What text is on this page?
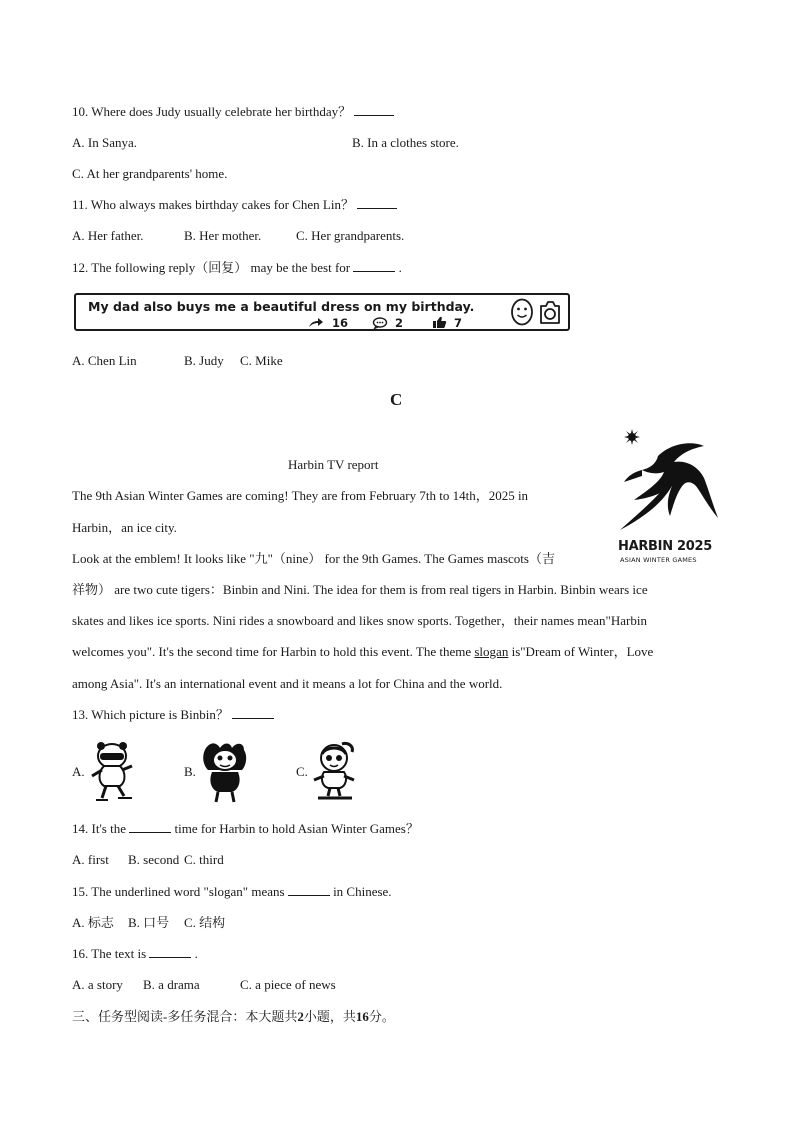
10. Where does Judy usually celebrate her birthday？
A. In Sanya.	B. In a clothes store.
C. At her grandparents' home.
11. Who always makes birthday cakes for Chen Lin？
A. Her father.	B. Her mother.	C. Her grandparents.
12. The following reply（回复） may be the best for	.
My dad also buys me a beautiful dress on my birthday.
16	2	7
A. Chen Lin	B. Judy C. Mike
C
Harbin TV report
HARBIN 2025
ASIAN WINTER GAMES
The 9th Asian Winter Games are coming! They are from February 7th to 14th，2025 in
Harbin，an ice city.
Look at the emblem! It looks like "九"（nine） for the 9th Games. The Games mascots（吉
祥物） are two cute tigers：Binbin and Nini. The idea for them is from real tigers in Harbin. Binbin wears ice
skates and likes ice sports. Nini rides a snowboard and likes snow sports. Together，their names mean"Harbin
welcomes you". It's the second time for Harbin to hold this event. The theme slogan is"Dream of Winter，Love
among Asia". It's an international event and it means a lot for China and the world.
13. Which picture is Binbin？
A.	B.	C.
14. It's the	time for Harbin to hold Asian Winter Games？
A. first B. second C. third
15. The underlined word "slogan" means	in Chinese.
A. 标志 B. 口号 C. 结构
16. The text is	.
A. a story B. a drama	C. a piece of news
三、任务型阅读-多任务混合：本大题共2小题，共16分。
